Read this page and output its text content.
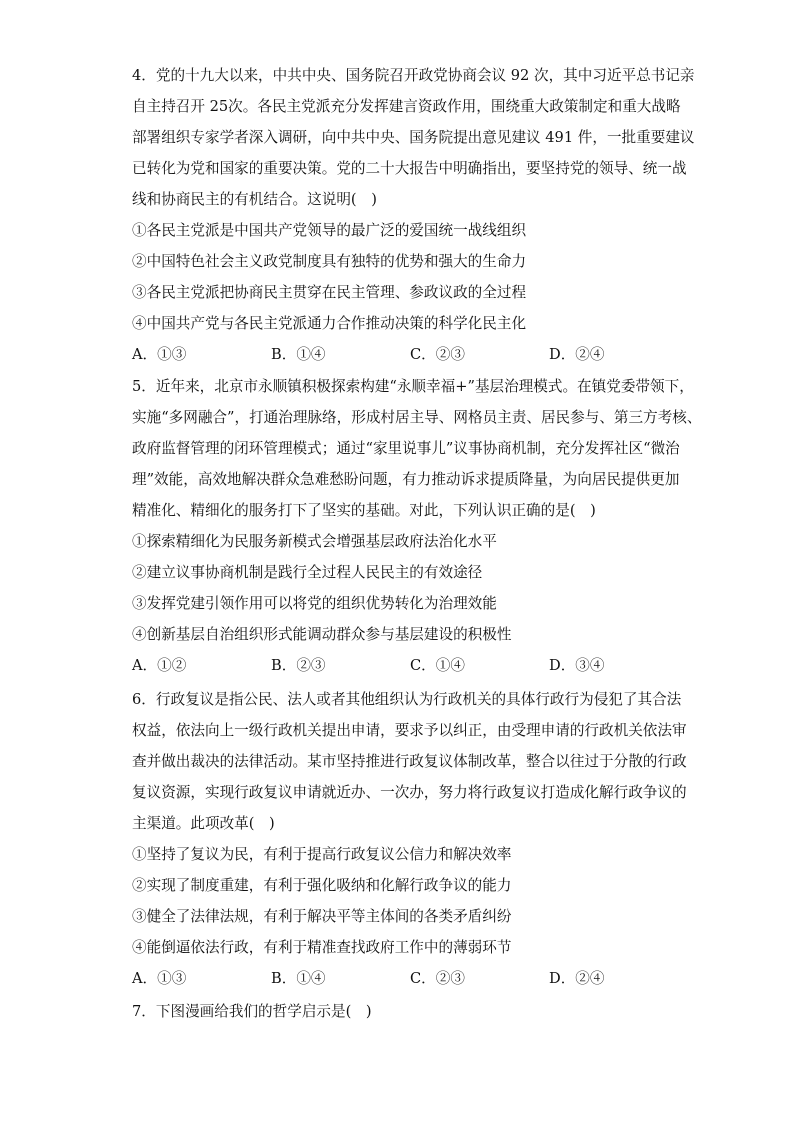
4．党的十九大以来，中共中央、国务院召开政党协商会议 92 次，其中习近平总书记亲
自主持召开 25次。各民主党派充分发挥建言资政作用，围绕重大政策制定和重大战略
部署组织专家学者深入调研，向中共中央、国务院提出意见建议 491 件，一批重要建议
已转化为党和国家的重要决策。党的二十大报告中明确指出，要坚持党的领导、统一战
线和协商民主的有机结合。这说明(　)
①各民主党派是中国共产党领导的最广泛的爱国统一战线组织
②中国特色社会主义政党制度具有独特的优势和强大的生命力
③各民主党派把协商民主贯穿在民主管理、参政议政的全过程
④中国共产党与各民主党派通力合作推动决策的科学化民主化
A．①③	B．①④	C．②③	D．②④
5．近年来，北京市永顺镇积极探索构建“永顺幸福+”基层治理模式。在镇党委带领下，
实施“多网融合”，打通治理脉络，形成村居主导、网格员主责、居民参与、第三方考核、
政府监督管理的闭环管理模式；通过“家里说事儿”议事协商机制，充分发挥社区“微治
理”效能，高效地解决群众急难愁盼问题，有力推动诉求提质降量，为向居民提供更加
精准化、精细化的服务打下了坚实的基础。对此，下列认识正确的是(　)
①探索精细化为民服务新模式会增强基层政府法治化水平
②建立议事协商机制是践行全过程人民民主的有效途径
③发挥党建引领作用可以将党的组织优势转化为治理效能
④创新基层自治组织形式能调动群众参与基层建设的积极性
A．①②	B．②③	C．①④	D．③④
6．行政复议是指公民、法人或者其他组织认为行政机关的具体行政行为侵犯了其合法
权益，依法向上一级行政机关提出申请，要求予以纠正，由受理申请的行政机关依法审
查并做出裁决的法律活动。某市坚持推进行政复议体制改革，整合以往过于分散的行政
复议资源，实现行政复议申请就近办、一次办，努力将行政复议打造成化解行政争议的
主渠道。此项改革(　)
①坚持了复议为民，有利于提高行政复议公信力和解决效率
②实现了制度重建，有利于强化吸纳和化解行政争议的能力
③健全了法律法规，有利于解决平等主体间的各类矛盾纠纷
④能倒逼依法行政，有利于精准查找政府工作中的薄弱环节
A．①③	B．①④	C．②③	D．②④
7．下图漫画给我们的哲学启示是(　)
